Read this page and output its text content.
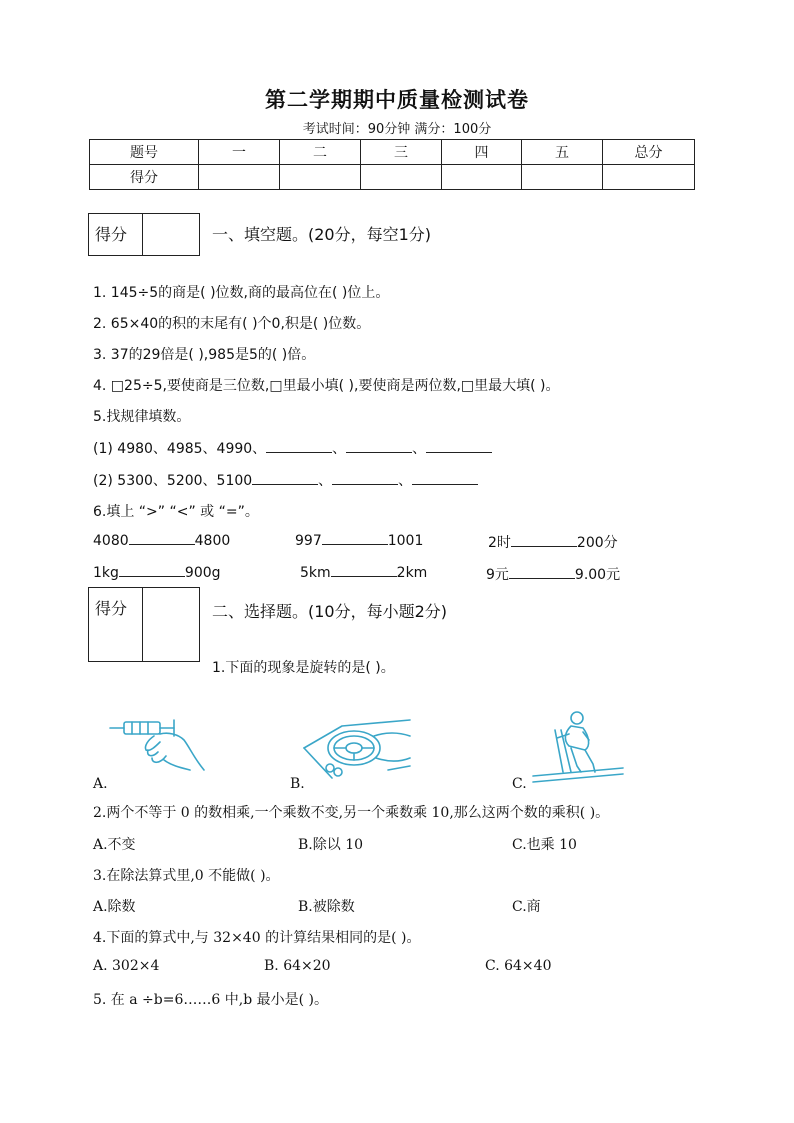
第二学期期中质量检测试卷
考试时间：90分钟 满分：100分
题号	一	二	三	四	五	总分
得分						
得分	一、填空题。(20分，每空1分)
1. 145÷5的商是( )位数,商的最高位在( )位上。
2. 65×40的积的末尾有( )个0,积是( )位数。
3. 37的29倍是( ),985是5的( )倍。
4. □25÷5,要使商是三位数,□里最小填( ),要使商是两位数,□里最大填( )。
5.找规律填数。
(1) 4980、4985、4990、	、	、
(2) 5300、5200、5100	、	、
6.填上 “>” “<” 或 “=”。
4080	4800	997	1001	2时	200分
1kg	900g	5km	2km	9元	9.00元
得分	二、选择题。(10分，每小题2分)
1.下面的现象是旋转的是( )。
A.	B.	C.
2.两个不等于 0 的数相乘,一个乘数不变,另一个乘数乘 10,那么这两个数的乘积( )。
A.不变	B.除以 10	C.也乘 10
3.在除法算式里,0 不能做( )。
A.除数	B.被除数	C.商
4.下面的算式中,与 32×40 的计算结果相同的是( )。
A. 302×4	B. 64×20	C. 64×40
5. 在 a ÷b=6……6 中,b 最小是( )。
